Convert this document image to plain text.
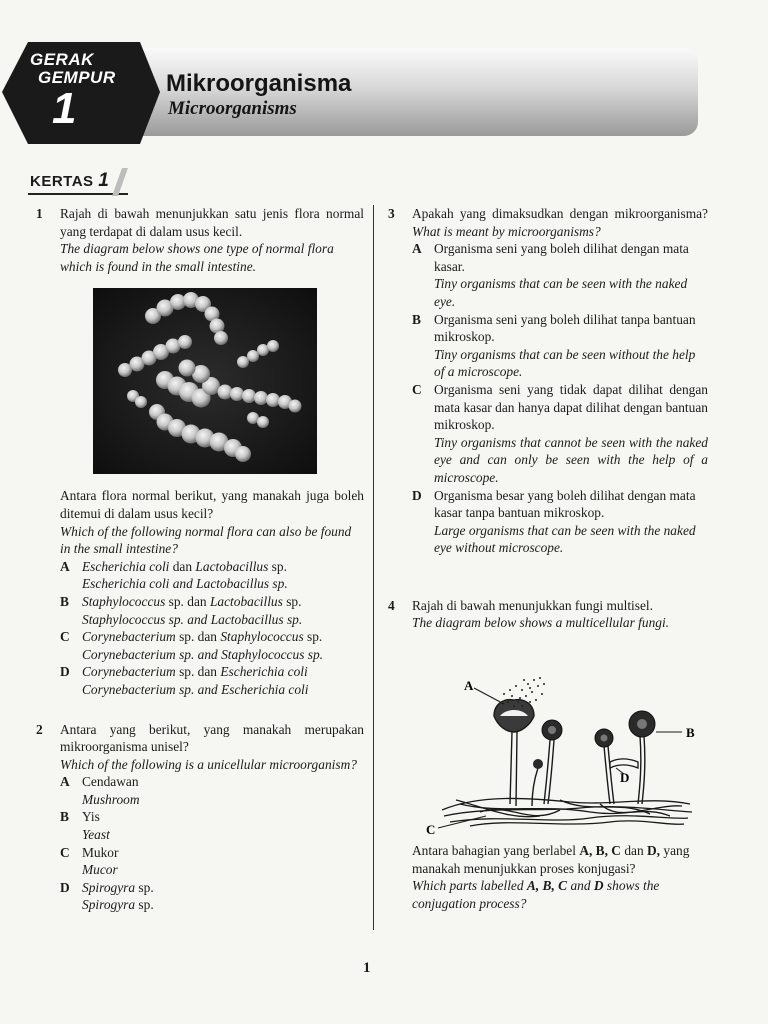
GERAK
GEMPUR
1
Mikroorganisma
Microorganisms
KERTAS 1
1 Rajah di bawah menunjukkan satu jenis flora normal yang terdapat di dalam usus kecil.
The diagram below shows one type of normal flora which is found in the small intestine.
Antara flora normal berikut, yang manakah juga boleh ditemui di dalam usus kecil?
Which of the following normal flora can also be found in the small intestine?
A Escherichia coli dan Lactobacillus sp.
Escherichia coli and Lactobacillus sp.
B Staphylococcus sp. dan Lactobacillus sp.
Staphylococcus sp. and Lactobacillus sp.
C Corynebacterium sp. dan Staphylococcus sp.
Corynebacterium sp. and Staphylococcus sp.
D Corynebacterium sp. dan Escherichia coli
Corynebacterium sp. and Escherichia coli
2 Antara yang berikut, yang manakah merupakan mikroorganisma unisel?
Which of the following is a unicellular microorganism?
A Cendawan
Mushroom
B Yis
Yeast
C Mukor
Mucor
D Spirogyra sp.
Spirogyra sp.
3 Apakah yang dimaksudkan dengan mikroorganisma?
What is meant by microorganisms?
A Organisma seni yang boleh dilihat dengan mata kasar.
Tiny organisms that can be seen with the naked eye.
B Organisma seni yang boleh dilihat tanpa bantuan mikroskop.
Tiny organisms that can be seen without the help of a microscope.
C Organisma seni yang tidak dapat dilihat dengan mata kasar dan hanya dapat dilihat dengan bantuan mikroskop.
Tiny organisms that cannot be seen with the naked eye and can only be seen with the help of a microscope.
D Organisma besar yang boleh dilihat dengan mata kasar tanpa bantuan mikroskop.
Large organisms that can be seen with the naked eye without microscope.
4 Rajah di bawah menunjukkan fungi multisel.
The diagram below shows a multicellular fungi.
Antara bahagian yang berlabel A, B, C dan D, yang manakah menunjukkan proses konjugasi?
Which parts labelled A, B, C and D shows the conjugation process?
A
B
C
D
1
